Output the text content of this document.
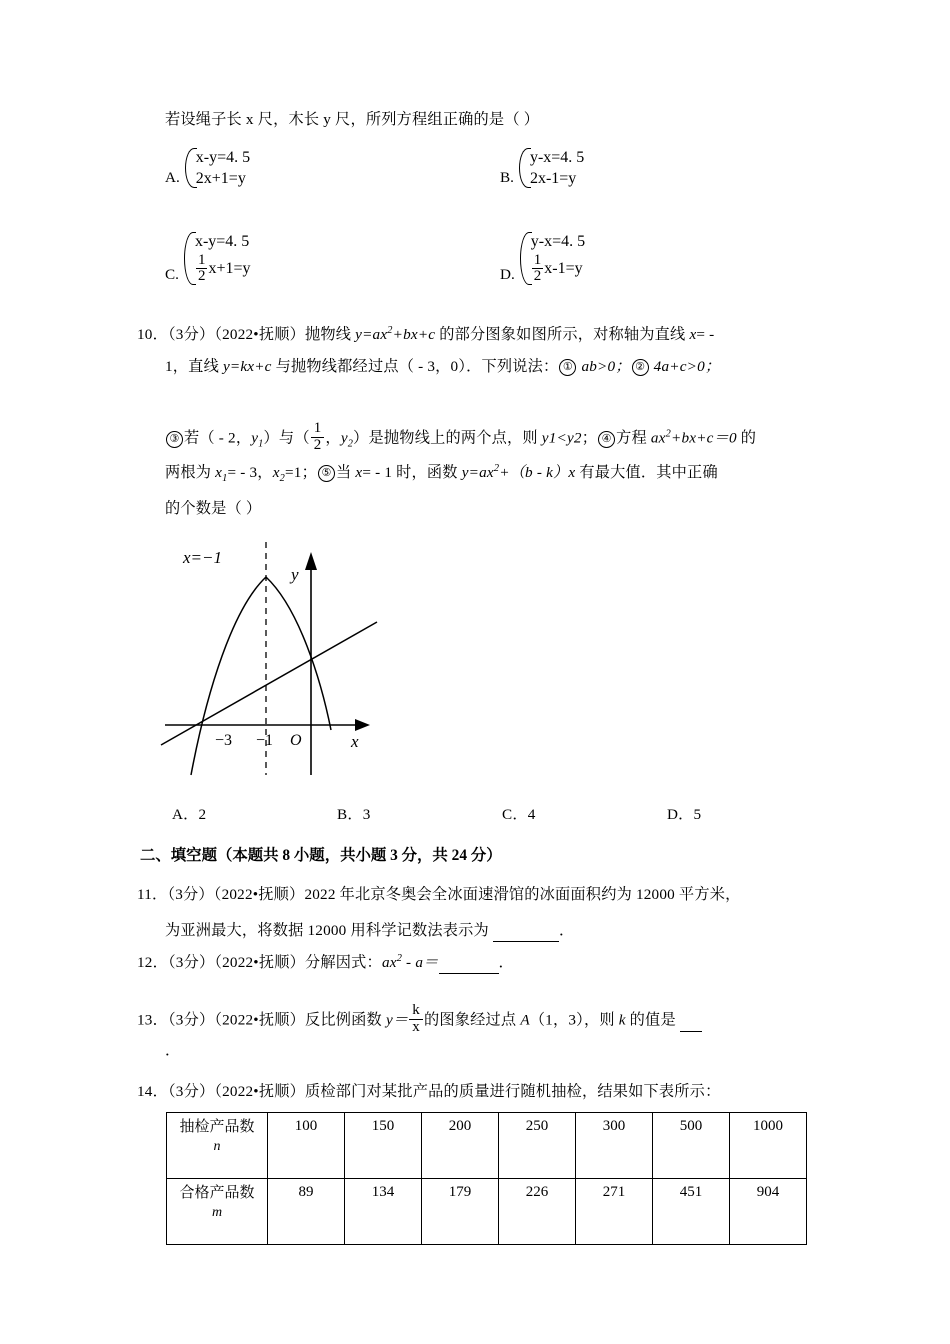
若设绳子长 x 尺，木长 y 尺，所列方程组正确的是（ ）
A.
x-y=4. 5
2x+1=y	B.
y-x=4. 5
2x-1=y
C.
x-y=4. 5
$\frac{1}{2} x+1=y$	D.
y-x=4. 5
$\frac{1}{2} x-1=y$
10．（3分）（2022•抚顺）抛物线 $y=ax^2+bx+c$ 的部分图象如图所示，对称轴为直线 x= -
1，直线 y=kx+c 与抛物线都经过点（ - 3，0）．下列说法： ① ab>0； ② 4a+c>0；
③ 若（ - 2，$y_1$）与（ $\frac{1}{2}$ ，$y_2$）是抛物线上的两个点，则 y1<y2； ④ 方程 $ax^2+bx+c=0$ 的
两根为 $x_1= - 3$，$x_2=1$； ⑤ 当 x= - 1 时，函数 $y=ax^2+(b - k)x$ 有最大值．其中正确
的个数是（ ）
x=−1
y
x
−3 −1 O
A．2	B．3	C．4	D．5
二、填空题（本题共 8 小题，共小题 3 分，共 24 分）
11．（3分）（2022•抚顺）2022 年北京冬奥会全冰面速滑馆的冰面面积约为 12000 平方米，
为亚洲最大，将数据 12000 用科学记数法表示为	．
12．（3分）（2022•抚顺）分解因式：$ax^2 - a=$	．
13．（3分）（2022•抚顺）反比例函数 $y= \frac{k}{x}$ 的图象经过点 A（1，3），则 k 的值是
．
14．（3分）（2022•抚顺）质检部门对某批产品的质量进行随机抽检，结果如下表所示：
抽检产品数
n	100	150	200	250	300	500	1000

合格产品数
m	89	134	179	226	271	451	904
